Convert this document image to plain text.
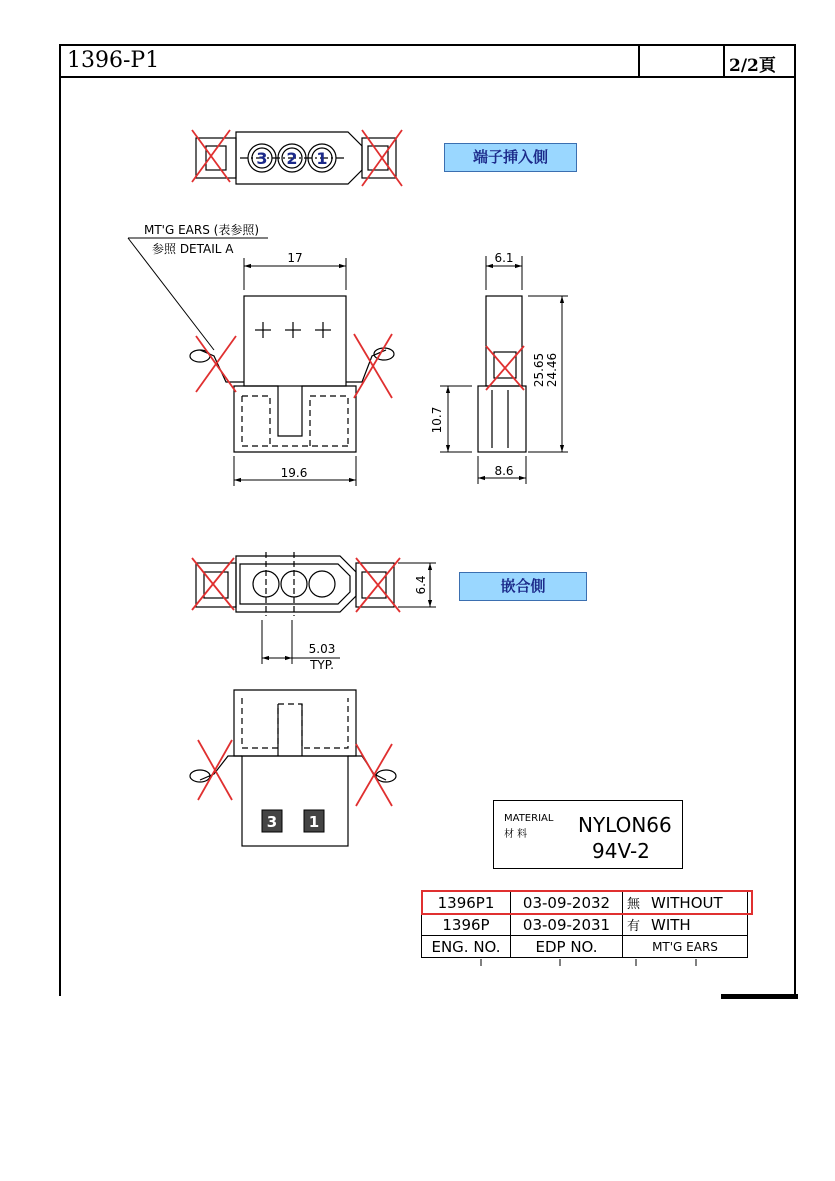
1396-P1	2/2頁
3 2 1
MT'G EARS (表参照)
参照 DETAIL A
17
19.6
6.1
8.6
25.65 24.46
10.7
6.4
5.03
TYP.
3 1
端子挿入側
嵌合側
MATERIAL
材 料	NYLON66
94V-2
1396P1	03-09-2032	無 WITHOUT
1396P	03-09-2031	有 WITH
ENG. NO.	EDP NO.	MT'G EARS
